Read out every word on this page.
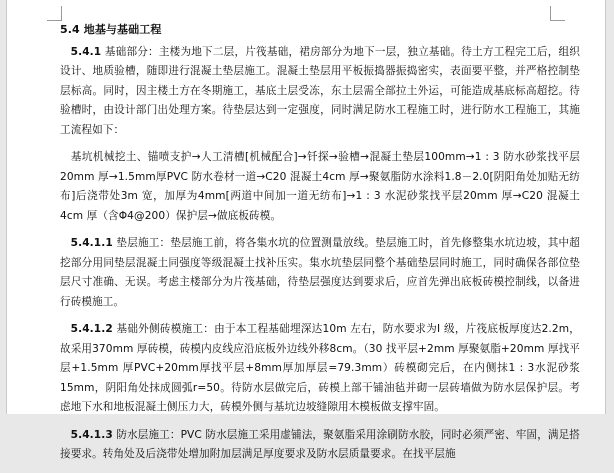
5.4 地基与基础工程

5.4.1 基础部分：主楼为地下二层，片筏基础，裙房部分为地下一层，独立基础。待土方工程完工后，组织设计、地质验槽，随即进行混凝土垫层施工。混凝土垫层用平板振捣器振捣密实，表面要平整，并严格控制垫层标高。同时，因主楼土方在冬期施工，基底土层受冻，东土层需全部拉土外运，可能造成基底标高超挖。待验槽时，由设计部门出处理方案。待垫层达到一定强度，同时满足防水工程施工时，进行防水工程施工，其施工流程如下：

基坑机械挖土、锚喷支护→人工清槽[机械配合]→钎探→验槽→混凝土垫层100mm→1 : 3 防水砂浆找平层20mm 厚→1.5mm厚PVC 防水卷材一道→C20 混凝土4cm 厚→聚氨脂防水涂料1.8－2.0[阴阳角处加贴无纺布]后浇带处3m 宽，加厚为4mm[两道中间加一道无纺布]→1 : 3 水泥砂浆找平层20mm 厚→C20 混凝土4cm 厚（含Φ4@200）保护层→做底板砖模。

5.4.1.1 垫层施工：垫层施工前，将各集水坑的位置测量放线。垫层施工时，首先修整集水坑边坡，其中超挖部分用同垫层混凝土同强度等级混凝土找补压实。集水坑垫层同整个基础垫层同时施工，同时确保各部位垫层尺寸准确、无误。考虑主楼部分为片筏基础，待垫层强度达到要求后，应首先弹出底板砖模控制线，以备进行砖模施工。

5.4.1.2 基础外侧砖模施工：由于本工程基础埋深达10m 左右，防水要求为Ⅰ 级，片筏底板厚度达2.2m，故采用370mm 厚砖模，砖模内皮线应沿底板外边线外移8cm。（30 找平层+2mm 厚聚氨脂+20mm 厚找平层+1.5mm 厚PVC+20mm厚找平层+8mm厚加厚层=79.3mm）砖模砌完后，在内侧抹1 : 3水泥砂浆15mm，阴阳角处抹成圆弧r=50。待防水层做完后，砖模上部干铺油毡并砌一层砖墙做为防水层保护层。考虑地下水和地板混凝土侧压力大，砖模外侧与基坑边坡缝隙用木模板做支撑牢固。

5.4.1.3 防水层施工：PVC 防水层施工采用虚铺法，聚氨脂采用涂刷防水胶，同时必须严密、牢固，满足搭接要求。转角处及后浇带处增加附加层满足厚度要求及防水层质量要求。在找平层施
